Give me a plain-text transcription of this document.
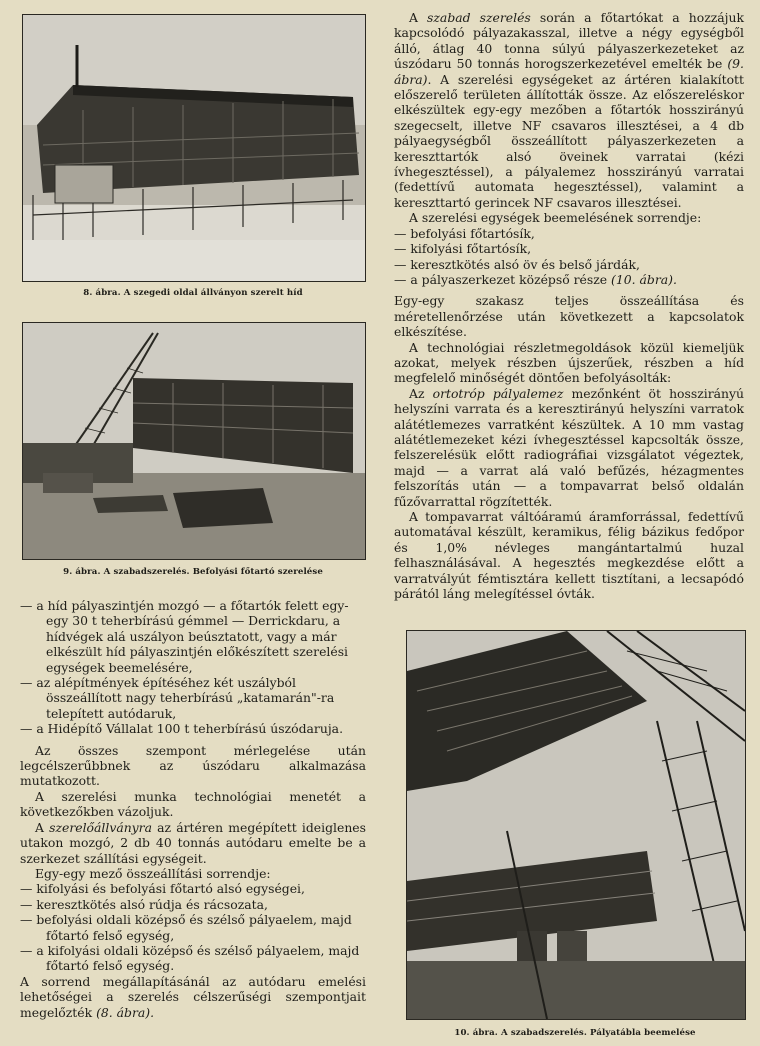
8. ábra. A szegedi oldal állványon szerelt híd
9. ábra. A szabadszerelés. Befolyási főtartó szerelése
— a híd pályaszintjén mozgó — a főtartók felett egy-egy 30 t teherbírású gémmel — Derrickdaru, a hídvégek alá uszályon beúsztatott, vagy a már elkészült híd pályaszintjén előkészített szerelési egységek beemelésére,
— az alépítmények építéséhez két uszályból összeállított nagy teherbírású „katamarán"-ra telepített autódaruk,
— a Hidépítő Vállalat 100 t teherbírású úszódaruja.

Az összes szempont mérlegelése után legcélszerűbbnek az úszódaru alkalmazása mutatkozott.

A szerelési munka technológiai menetét a következőkben vázoljuk.

A szerelőállványra az ártéren megépített ideiglenes utakon mozgó, 2 db 40 tonnás autódaru emelte be a szerkezet szállítási egységeit.

Egy-egy mező összeállítási sorrendje:

— kifolyási és befolyási főtartó alsó egységei,
— keresztkötés alsó rúdja és rácsozata,
— befolyási oldali középső és szélső pályaelem, majd főtartó felső egység,
— a kifolyási oldali középső és szélső pályaelem, majd főtartó felső egység.

A sorrend megállapításánál az autódaru emelési lehetőségei a szerelés célszerűségi szempontjait megelőzték (8. ábra).

A szabad szerelés során a főtartókat a hozzájuk kapcsolódó pályazakasszal, illetve a négy egységből álló, átlag 40 tonna súlyú pályaszerkezeteket az úszódaru 50 tonnás horogszerkezetével emelték be (9. ábra). A szerelési egységeket az ártéren kialakított előszerelő területen állították össze. Az előszereléskor elkészültek egy-egy mezőben a főtartók hosszirányú szegecselt, illetve NF csavaros illesztései, a 4 db pályaegységből összeállított pályaszerkezeten a kereszttartók alsó öveinek varratai (kézi ívhegesztéssel), a pályalemez hosszirányú varratai (fedettívű automata hegesztéssel), valamint a kereszttartó gerincek NF csavaros illesztései.

A szerelési egységek beemelésének sorrendje:

— befolyási főtartósík,
— kifolyási főtartósík,
— keresztkötés alsó öv és belső járdák,
— a pályaszerkezet középső része (10. ábra).

Egy-egy szakasz teljes összeállítása és méretellenőrzése után következett a kapcsolatok elkészítése.

A technológiai részletmegoldások közül kiemeljük azokat, melyek részben újszerűek, részben a híd megfelelő minőségét döntően befolyásolták:

Az ortotróp pályalemez mezőnként öt hosszirányú helyszíni varrata és a keresztirányú helyszíni varratok alátétlemezes varratként készültek. A 10 mm vastag alátétlemezeket kézi ívhegesztéssel kapcsolták össze, felszerelésük előtt radiográfiai vizsgálatot végeztek, majd — a varrat alá való befűzés, hézagmentes felszorítás után — a tompavarrat belső oldalán fűzővarrattal rögzítették.

A tompavarrat váltóáramú áramforrással, fedettívű automatával készült, keramikus, félig bázikus fedőpor és 1,0% névleges mangántartalmú huzal felhasználásával. A hegesztés megkezdése előtt a varratvályút fémtisztára kellett tisztítani, a lecsapódó párától láng melegítéssel óvták.

10. ábra. A szabadszerelés. Pályatábla beemelése
